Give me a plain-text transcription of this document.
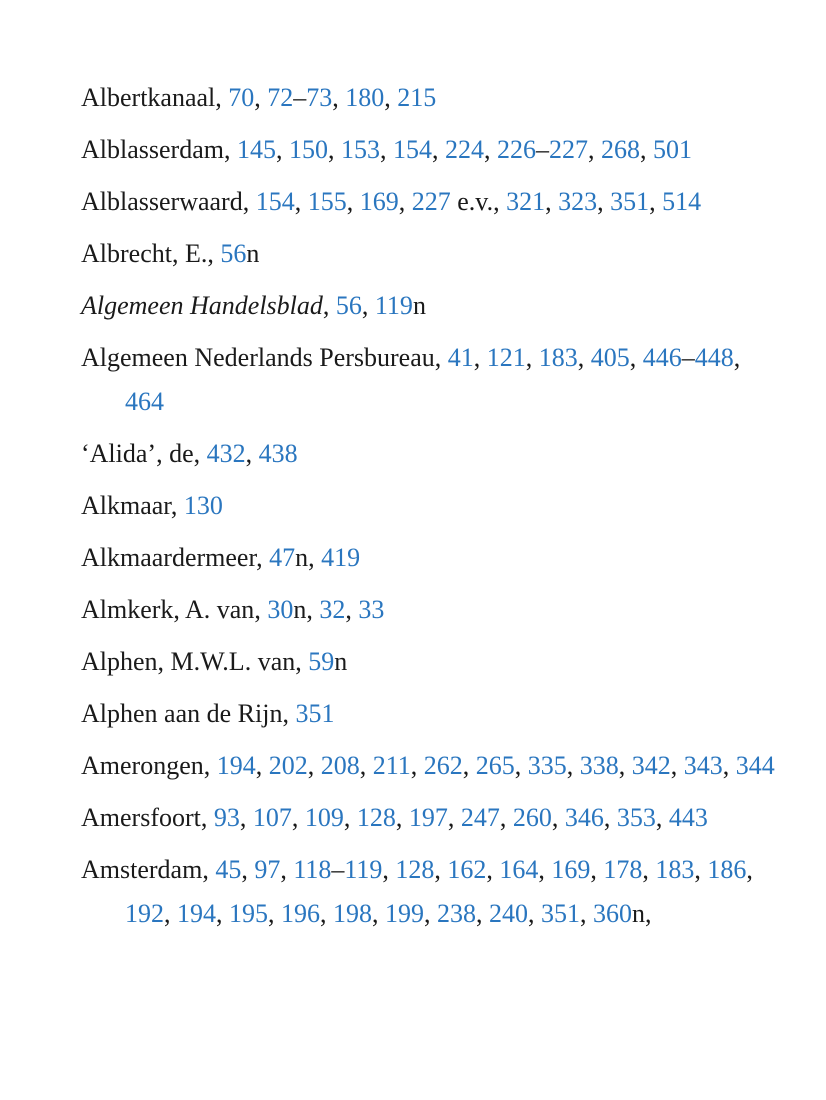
Albertkanaal, 70, 72–73, 180, 215

Alblasserdam, 145, 150, 153, 154, 224, 226–227, 268, 501

Alblasserwaard, 154, 155, 169, 227 e.v., 321, 323, 351, 514

Albrecht, E., 56n

Algemeen Handelsblad, 56, 119n

Algemeen Nederlands Persbureau, 41, 121, 183, 405, 446–448, 464

‘Alida’, de, 432, 438

Alkmaar, 130

Alkmaardermeer, 47n, 419

Almkerk, A. van, 30n, 32, 33

Alphen, M.W.L. van, 59n

Alphen aan de Rijn, 351

Amerongen, 194, 202, 208, 211, 262, 265, 335, 338, 342, 343, 344

Amersfoort, 93, 107, 109, 128, 197, 247, 260, 346, 353, 443

Amsterdam, 45, 97, 118–119, 128, 162, 164, 169, 178, 183, 186, 192, 194, 195, 196, 198, 199, 238, 240, 351, 360n,
